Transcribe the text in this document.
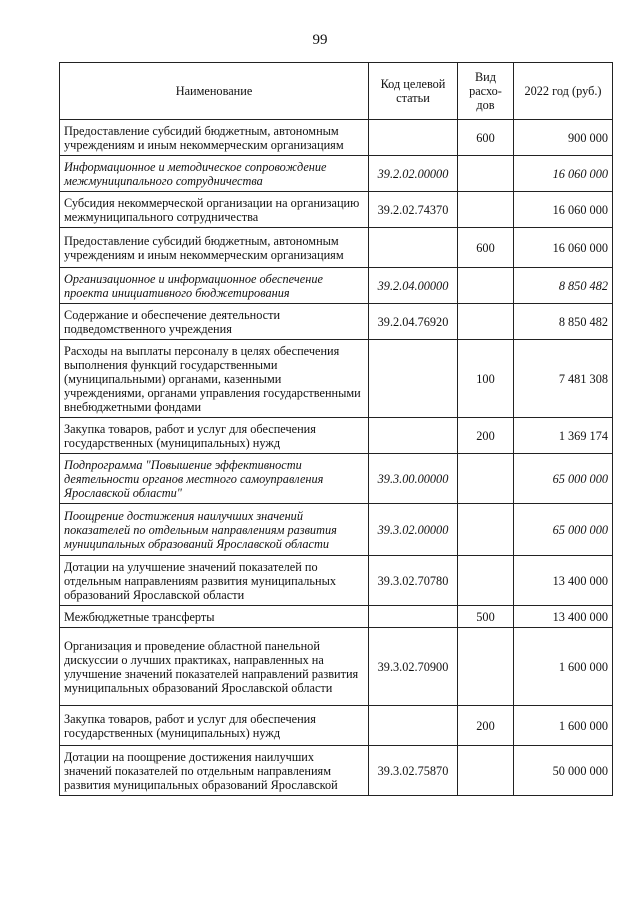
99
Наименование	Код целевой статьи	Вид расхо-дов	2022 год (руб.)
Предоставление субсидий бюджетным, автономным учреждениям и иным некоммерческим организациям		600	900 000
Информационное и методическое сопровождение межмуниципального сотрудничества	39.2.02.00000		16 060 000
Субсидия некоммерческой организации на организацию межмуниципального сотрудничества	39.2.02.74370		16 060 000
Предоставление субсидий бюджетным, автономным учреждениям и иным некоммерческим организациям		600	16 060 000
Организационное и информационное обеспечение проекта инициативного бюджетирования	39.2.04.00000		8 850 482
Содержание и обеспечение деятельности подведомственного учреждения	39.2.04.76920		8 850 482
Расходы на выплаты персоналу в целях обеспечения выполнения функций государственными (муниципальными) органами, казенными учреждениями, органами управления государственными внебюджетными фондами		100	7 481 308
Закупка товаров, работ и услуг для обеспечения государственных (муниципальных) нужд		200	1 369 174
Подпрограмма "Повышение эффективности деятельности органов местного самоуправления Ярославской области"	39.3.00.00000		65 000 000
Поощрение достижения наилучших значений показателей по отдельным направлениям развития муниципальных образований Ярославской области	39.3.02.00000		65 000 000
Дотации на улучшение значений показателей по отдельным направлениям развития муниципальных образований Ярославской области	39.3.02.70780		13 400 000
Межбюджетные трансферты		500	13 400 000
Организация и проведение областной панельной дискуссии о лучших практиках, направленных на улучшение значений показателей направлений развития муниципальных образований Ярославской области	39.3.02.70900		1 600 000
Закупка товаров, работ и услуг для обеспечения государственных (муниципальных) нужд		200	1 600 000
Дотации на поощрение достижения наилучших значений показателей по отдельным направлениям развития муниципальных образований Ярославской	39.3.02.75870		50 000 000
